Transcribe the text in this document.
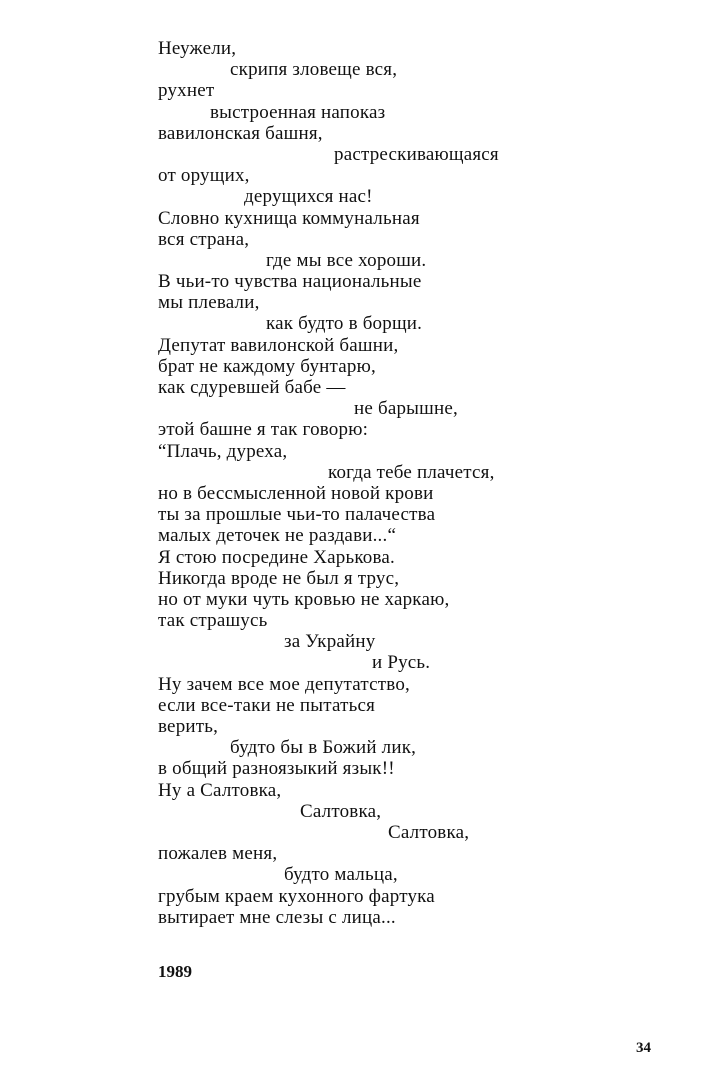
Неужели,
скрипя зловеще вся,
рухнет
выстроенная напоказ
вавилонская башня,
растрескивающаяся
от орущих,
дерущихся нас!
Словно кухнища коммунальная
вся страна,
где мы все хороши.
В чьи-то чувства национальные
мы плевали,
как будто в борщи.
Депутат вавилонской башни,
брат не каждому бунтарю,
как сдуревшей бабе —
не барышне,
этой башне я так говорю:
“Плачь, дуреха,
когда тебе плачется,
но в бессмысленной новой крови
ты за прошлые чьи-то палачества
малых деточек не раздави...“
Я стою посредине Харькова.
Никогда вроде не был я трус,
но от муки чуть кровью не харкаю,
так страшусь
за Украйну
и Русь.
Ну зачем все мое депутатство,
если все-таки не пытаться
верить,
будто бы в Божий лик,
в общий разноязыкий язык!!
Ну а Салтовка,
Салтовка,
Салтовка,
пожалев меня,
будто мальца,
грубым краем кухонного фартука
вытирает мне слезы с лица...
1989
34
